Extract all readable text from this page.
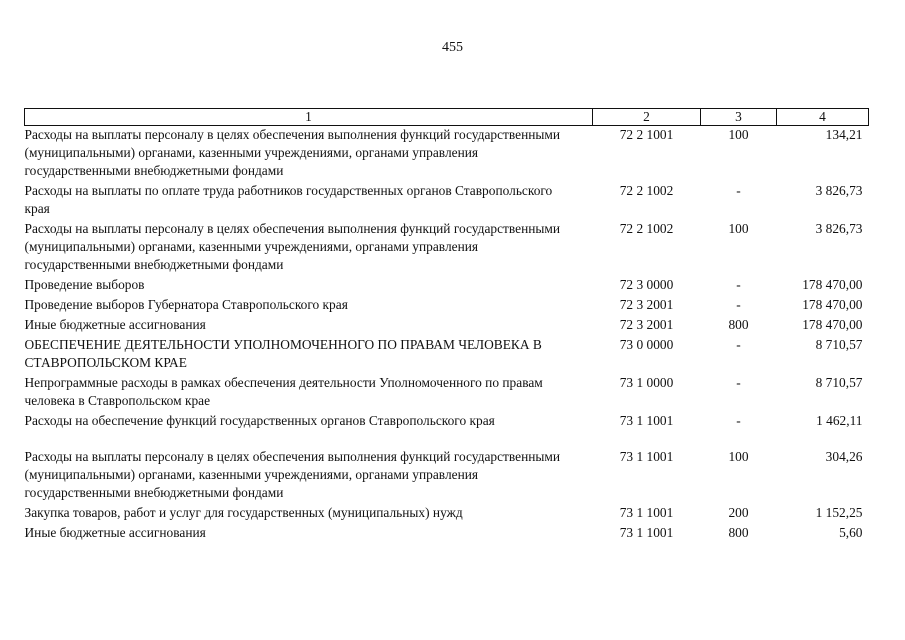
455
1	2	3	4
Расходы на выплаты персоналу в целях обеспечения выполнения функций государственными (муниципальными) органами, казенными учреждениями, органами управления государственными внебюджетными фондами	72 2 1001	100	134,21
Расходы на выплаты по оплате труда работников государственных органов Ставропольского края	72 2 1002	-	3 826,73
Расходы на выплаты персоналу в целях обеспечения выполнения функций государственными (муниципальными) органами, казенными учреждениями, органами управления государственными внебюджетными фондами	72 2 1002	100	3 826,73
Проведение выборов	72 3 0000	-	178 470,00
Проведение выборов Губернатора Ставропольского края	72 3 2001	-	178 470,00
Иные бюджетные ассигнования	72 3 2001	800	178 470,00
ОБЕСПЕЧЕНИЕ ДЕЯТЕЛЬНОСТИ УПОЛНОМОЧЕННОГО ПО ПРАВАМ ЧЕЛОВЕКА В СТАВРОПОЛЬСКОМ КРАЕ	73 0 0000	-	8 710,57
Непрограммные расходы в рамках обеспечения деятельности Уполномоченного по правам человека в Ставропольском крае	73 1 0000	-	8 710,57
Расходы на обеспечение функций государственных органов Ставропольского края	73 1 1001	-	1 462,11
Расходы на выплаты персоналу в целях обеспечения выполнения функций государственными (муниципальными) органами, казенными учреждениями, органами управления государственными внебюджетными фондами	73 1 1001	100	304,26
Закупка товаров, работ и услуг для государственных (муниципальных) нужд	73 1 1001	200	1 152,25
Иные бюджетные ассигнования	73 1 1001	800	5,60
